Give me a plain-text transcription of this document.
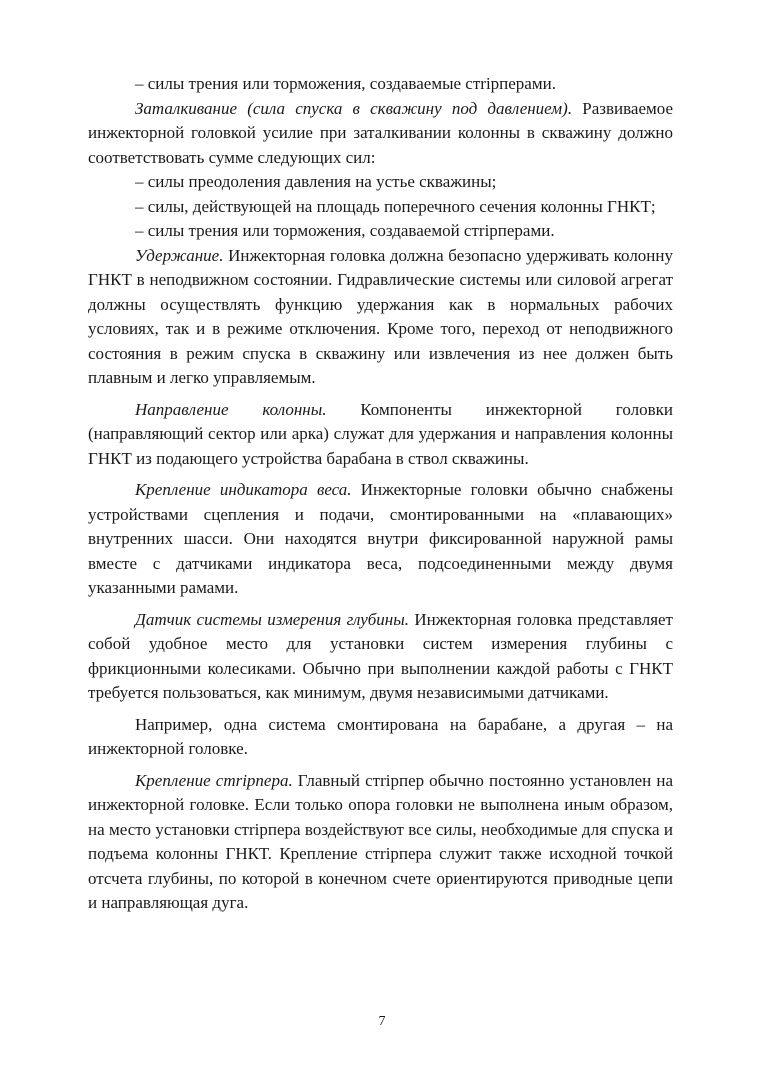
– силы трения или торможения, создаваемые стripперами.

Заталкивание (сила спуска в скважину под давлением). Развиваемое инжекторной головкой усилие при заталкивании колонны в скважину должно соответствовать сумме следующих сил:

– силы преодоления давления на устье скважины;

– силы, действующей на площадь поперечного сечения колонны ГНКТ;

– силы трения или торможения, создаваемой стripперами.

Удержание. Инжекторная головка должна безопасно удерживать колонну ГНКТ в неподвижном состоянии. Гидравлические системы или силовой агрегат должны осуществлять функцию удержания как в нормальных рабочих условиях, так и в режиме отключения. Кроме того, переход от неподвижного состояния в режим спуска в скважину или извлечения из нее должен быть плавным и легко управляемым.

Направление колонны. Компоненты инжекторной головки (направляющий сектор или арка) служат для удержания и направления колонны ГНКТ из подающего устройства барабана в ствол скважины.

Крепление индикатора веса. Инжекторные головки обычно снабжены устройствами сцепления и подачи, смонтированными на «плавающих» внутренних шасси. Они находятся внутри фиксированной наружной рамы вместе с датчиками индикатора веса, подсоединенными между двумя указанными рамами.

Датчик системы измерения глубины. Инжекторная головка представляет собой удобное место для установки систем измерения глубины с фрикционными колесиками. Обычно при выполнении каждой работы с ГНКТ требуется пользоваться, как минимум, двумя независимыми датчиками.

Например, одна система смонтирована на барабане, а другая – на инжекторной головке.

Крепление стripпера. Главный стripпер обычно постоянно установлен на инжекторной головке. Если только опора головки не выполнена иным образом, на место установки стripпера воздействуют все силы, необходимые для спуска и подъема колонны ГНКТ. Крепление стripпера служит также исходной точкой отсчета глубины, по которой в конечном счете ориентируются приводные цепи и направляющая дуга.

7
